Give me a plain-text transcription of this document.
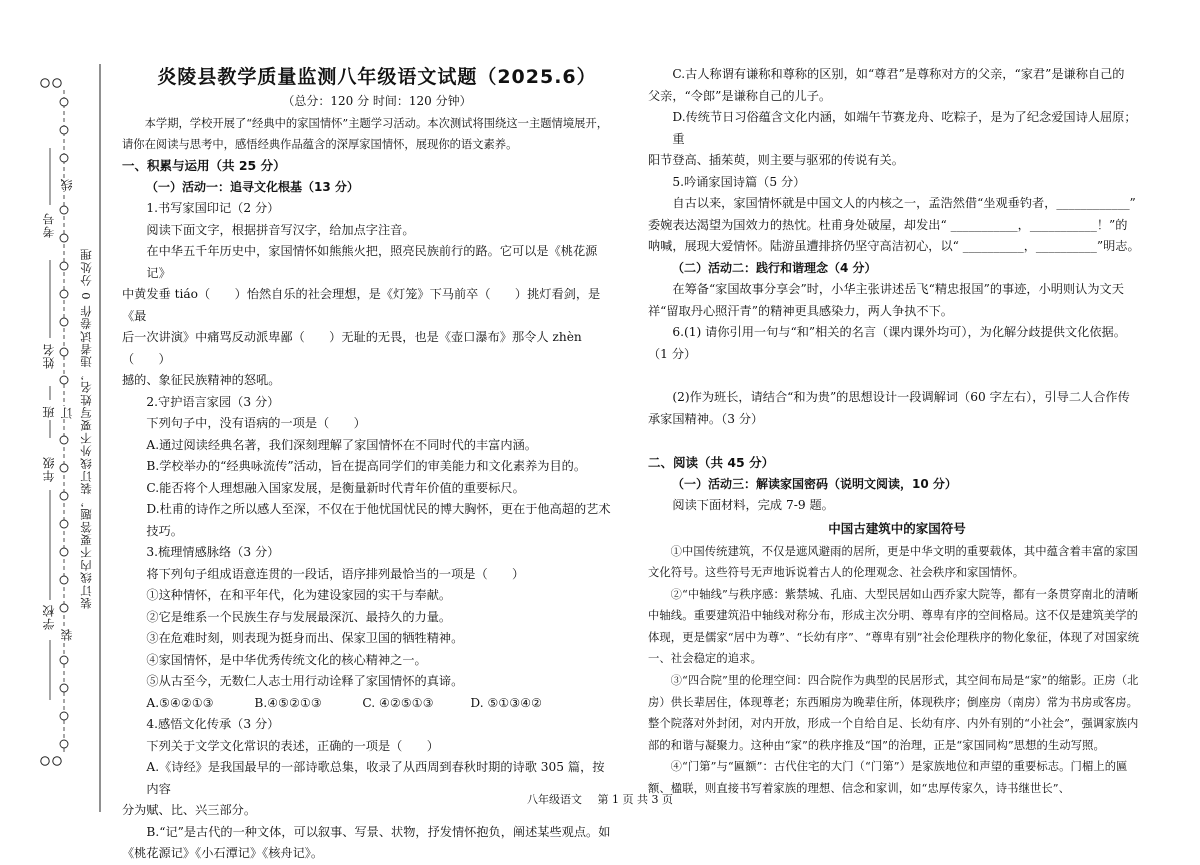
考号
线
姓名
班 订
年级
学校
装
装订线内不要答题，装订线外不要写姓名，违者试卷作 0 分处理
炎陵县教学质量监测八年级语文试题（2025.6）
（总分：120 分 时间：120 分钟）
本学期，学校开展了“经典中的家国情怀”主题学习活动。本次测试将围绕这一主题情境展开，请你在阅读与思考中，感悟经典作品蕴含的深厚家国情怀，展现你的语文素养。
一、积累与运用（共 25 分）
（一）活动一：追寻文化根基（13 分）
1.书写家国印记（2 分）
阅读下面文字，根据拼音写汉字，给加点字注音。
在中华五千年历史中，家国情怀如熊熊火把，照亮民族前行的路。它可以是《桃花源记》
中黄发垂 tiáo（　　）怡然自乐的社会理想，是《灯笼》下马前卒（　　）挑灯看剑，是《最
后一次讲演》中痛骂反动派卑鄙（　　）无耻的无畏，也是《壶口瀑布》那令人 zhèn（　　）
撼的、象征民族精神的怒吼。
2.守护语言家园（3 分）
下列句子中，没有语病的一项是（　　）
A.通过阅读经典名著，我们深刻理解了家国情怀在不同时代的丰富内涵。
B.学校举办的“经典咏流传”活动，旨在提高同学们的审美能力和文化素养为目的。
C.能否将个人理想融入国家发展，是衡量新时代青年价值的重要标尺。
D.杜甫的诗作之所以感人至深，不仅在于他忧国忧民的博大胸怀，更在于他高超的艺术技巧。
3.梳理情感脉络（3 分）
将下列句子组成语意连贯的一段话，语序排列最恰当的一项是（　　）
①这种情怀，在和平年代，化为建设家园的实干与奉献。
②它是维系一个民族生存与发展最深沉、最持久的力量。
③在危难时刻，则表现为挺身而出、保家卫国的牺牲精神。
④家国情怀，是中华优秀传统文化的核心精神之一。
⑤从古至今，无数仁人志士用行动诠释了家国情怀的真谛。
A.⑤④②①③	B.④⑤②①③	C. ④②⑤①③	D. ⑤①③④②
4.感悟文化传承（3 分）
下列关于文学文化常识的表述，正确的一项是（　　）
A.《诗经》是我国最早的一部诗歌总集，收录了从西周到春秋时期的诗歌 305 篇，按内容
分为赋、比、兴三部分。
B.“记”是古代的一种文体，可以叙事、写景、状物，抒发情怀抱负，阐述某些观点。如
《桃花源记》《小石潭记》《核舟记》。
C.古人称谓有谦称和尊称的区别，如“尊君”是尊称对方的父亲，“家君”是谦称自己的
父亲，“令郎”是谦称自己的儿子。
D.传统节日习俗蕴含文化内涵，如端午节赛龙舟、吃粽子，是为了纪念爱国诗人屈原；重
阳节登高、插茱萸，则主要与驱邪的传说有关。
5.吟诵家国诗篇（5 分）
自古以来，家国情怀就是中国文人的内核之一，孟浩然借“坐观垂钓者，____________”
委婉表达渴望为国效力的热忱。杜甫身处破屋，却发出“ ___________，___________！”的
呐喊，展现大爱情怀。陆游虽遭排挤仍坚守高洁初心，以“ __________，__________”明志。
（二）活动二：践行和谐理念（4 分）
在筹备“家国故事分享会”时，小华主张讲述岳飞“精忠报国”的事迹，小明则认为文天
祥“留取丹心照汗青”的精神更具感染力，两人争执不下。
6.(1) 请你引用一句与“和”相关的名言（课内课外均可），为化解分歧提供文化依据。
（1 分）
(2)作为班长，请结合“和为贵”的思想设计一段调解词（60 字左右），引导二人合作传
承家国精神。（3 分）
二、阅读（共 45 分）
（一）活动三：解读家国密码（说明文阅读，10 分）
阅读下面材料，完成 7-9 题。
中国古建筑中的家国符号
①中国传统建筑，不仅是遮风避雨的居所，更是中华文明的重要载体，其中蕴含着丰富的家国文化符号。这些符号无声地诉说着古人的伦理观念、社会秩序和家国情怀。
②“中轴线”与秩序感：紫禁城、孔庙、大型民居如山西乔家大院等，都有一条贯穿南北的清晰中轴线。重要建筑沿中轴线对称分布，形成主次分明、尊卑有序的空间格局。这不仅是建筑美学的体现，更是儒家“居中为尊”、“长幼有序”、“尊卑有别”社会伦理秩序的物化象征，体现了对国家统一、社会稳定的追求。
③“四合院”里的伦理空间：四合院作为典型的民居形式，其空间布局是“家”的缩影。正房（北房）供长辈居住，体现尊老；东西厢房为晚辈住所，体现秩序；倒座房（南房）常为书房或客房。整个院落对外封闭，对内开放，形成一个自给自足、长幼有序、内外有别的“小社会”，强调家族内部的和谐与凝聚力。这种由“家”的秩序推及“国”的治理，正是“家国同构”思想的生动写照。
④“门第”与“匾额”：古代住宅的大门（“门第”）是家族地位和声望的重要标志。门楣上的匾额、楹联，则直接书写着家族的理想、信念和家训，如“忠厚传家久，诗书继世长”、
八年级语文 第 1 页 共 3 页
